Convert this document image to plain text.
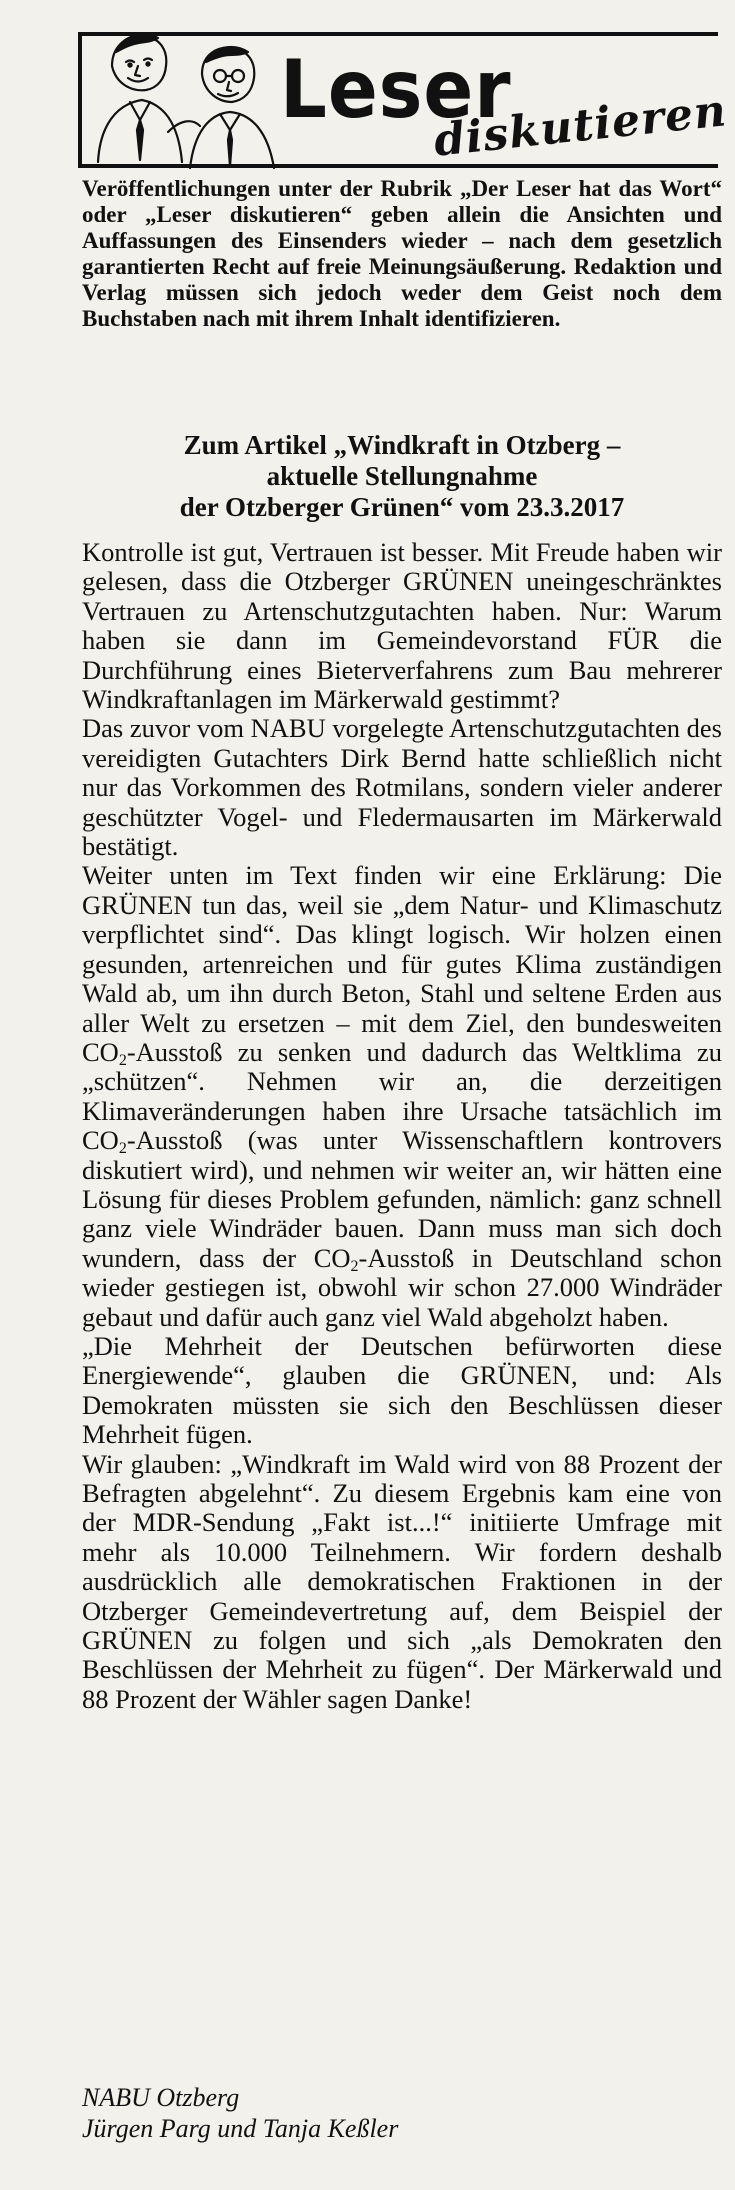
Leser
diskutieren
Veröffentlichungen unter der Rubrik „Der Leser hat das Wort“ oder „Leser diskutieren“ geben allein die Ansichten und Auffassungen des Einsenders wieder – nach dem gesetzlich garantierten Recht auf freie Meinungsäußerung. Redaktion und Verlag müssen sich jedoch weder dem Geist noch dem Buchstaben nach mit ihrem Inhalt identifizieren.
Zum Artikel „Windkraft in Otzberg –
aktuelle Stellungnahme
der Otzberger Grünen“ vom 23.3.2017

Kontrolle ist gut, Vertrauen ist besser. Mit Freude haben wir gelesen, dass die Otzberger GRÜNEN uneingeschränktes Vertrauen zu Artenschutzgutachten haben. Nur: Warum haben sie dann im Gemeindevorstand FÜR die Durchführung eines Bieterverfahrens zum Bau mehrerer Windkraftanlagen im Märkerwald gestimmt?

Das zuvor vom NABU vorgelegte Artenschutzgutachten des vereidigten Gutachters Dirk Bernd hatte schließlich nicht nur das Vorkommen des Rotmilans, sondern vieler anderer geschützter Vogel- und Fledermausarten im Märkerwald bestätigt.

Weiter unten im Text finden wir eine Erklärung: Die GRÜNEN tun das, weil sie „dem Natur- und Klimaschutz verpflichtet sind“. Das klingt logisch. Wir holzen einen gesunden, artenreichen und für gutes Klima zuständigen Wald ab, um ihn durch Beton, Stahl und seltene Erden aus aller Welt zu ersetzen – mit dem Ziel, den bundesweiten $CO_2$-Ausstoß zu senken und dadurch das Weltklima zu „schützen“. Nehmen wir an, die derzeitigen Klimaveränderungen haben ihre Ursache tatsächlich im $CO_2$-Ausstoß (was unter Wissenschaftlern kontrovers diskutiert wird), und nehmen wir weiter an, wir hätten eine Lösung für dieses Problem gefunden, nämlich: ganz schnell ganz viele Windräder bauen. Dann muss man sich doch wundern, dass der $CO_2$-Ausstoß in Deutschland schon wieder gestiegen ist, obwohl wir schon 27.000 Windräder gebaut und dafür auch ganz viel Wald abgeholzt haben.

„Die Mehrheit der Deutschen befürworten diese Energiewende“, glauben die GRÜNEN, und: Als Demokraten müssten sie sich den Beschlüssen dieser Mehrheit fügen.

Wir glauben: „Windkraft im Wald wird von 88 Prozent der Befragten abgelehnt“. Zu diesem Ergebnis kam eine von der MDR-Sendung „Fakt ist...!“ initiierte Umfrage mit mehr als 10.000 Teilnehmern. Wir fordern deshalb ausdrücklich alle demokratischen Fraktionen in der Otzberger Gemeindevertretung auf, dem Beispiel der GRÜNEN zu folgen und sich „als Demokraten den Beschlüssen der Mehrheit zu fügen“. Der Märkerwald und 88 Prozent der Wähler sagen Danke!

NABU Otzberg
Jürgen Parg und Tanja Keßler
